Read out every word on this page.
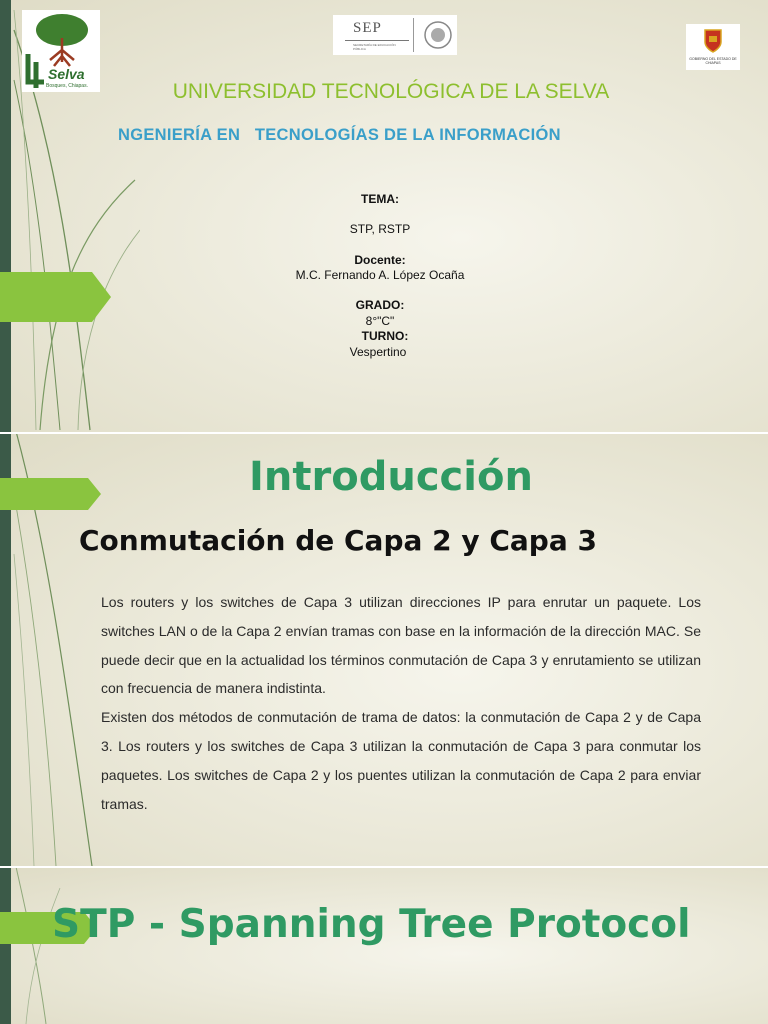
Selva
Bosques, Chiapas.
SEP
SECRETARÍA DE EDUCACIÓN PÚBLICA
GOBIERNO DEL ESTADO DE CHIAPAS
UNIVERSIDAD TECNOLÓGICA DE LA SELVA
NGENIERÍA EN   TECNOLOGÍAS DE LA INFORMACIÓN
TEMA:
STP, RSTP
Docente:
M.C. Fernando A. López Ocaña
GRADO:
8°"C"
TURNO:
Vespertino
Introducción
Conmutación de Capa 2 y Capa 3

Los routers y los switches de Capa 3 utilizan direcciones IP para enrutar un paquete. Los switches LAN o de la Capa 2 envían tramas con base en la información de la dirección MAC. Se puede decir que en la actualidad los términos conmutación de Capa 3 y enrutamiento se utilizan con frecuencia de manera indistinta.

Existen dos métodos de conmutación de trama de datos: la conmutación de Capa 2 y de Capa 3. Los routers y los switches de Capa 3 utilizan la conmutación de Capa 3 para conmutar los paquetes. Los switches de Capa 2 y los puentes utilizan la conmutación de Capa 2 para enviar tramas.

STP - Spanning Tree Protocol
